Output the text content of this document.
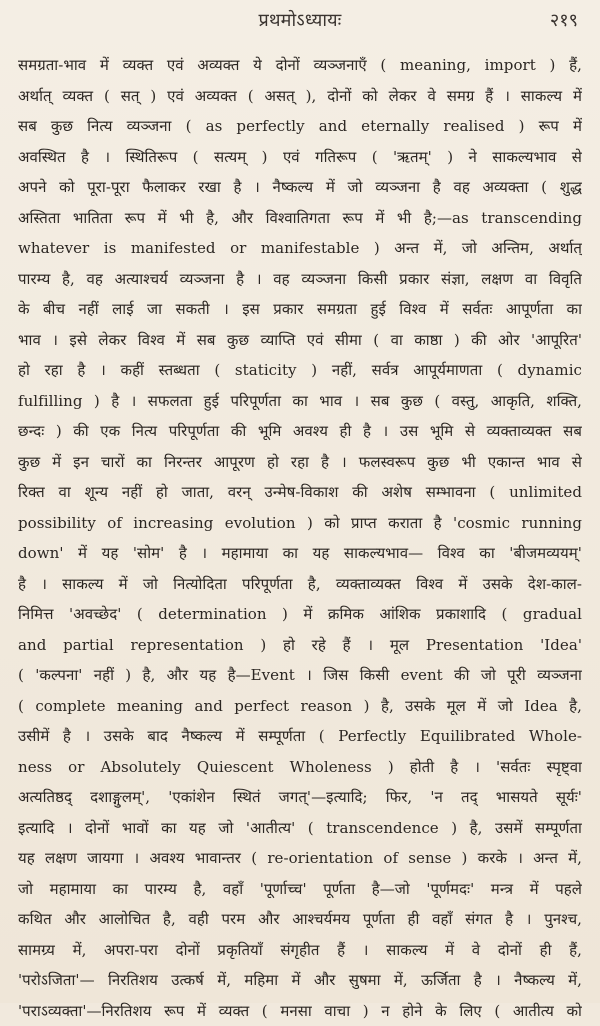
प्रथमोऽध्यायः	२१९
समग्रता-भाव में व्यक्त एवं अव्यक्त ये दोनों व्यञ्जनाएँ ( meaning, import ) हैं,
अर्थात् व्यक्त ( सत् ) एवं अव्यक्त ( असत् ), दोनों को लेकर वे समग्र हैं । साकल्य में
सब कुछ नित्य व्यञ्जना ( as perfectly and eternally realised ) रूप में
अवस्थित है । स्थितिरूप ( सत्यम् ) एवं गतिरूप ( 'ऋतम्' ) ने साकल्यभाव से
अपने को पूरा-पूरा फैलाकर रखा है । नैष्कल्य में जो व्यञ्जना है वह अव्यक्ता ( शुद्ध
अस्तिता भातिता रूप में भी है, और विश्वातिगता रूप में भी है;—as transcending
whatever is manifested or manifestable ) अन्त में, जो अन्तिम, अर्थात्
पारम्य है, वह अत्याश्चर्य व्यञ्जना है । वह व्यञ्जना किसी प्रकार संज्ञा, लक्षण वा विवृति
के बीच नहीं लाई जा सकती । इस प्रकार समग्रता हुई विश्व में सर्वतः आपूर्णता का
भाव । इसे लेकर विश्व में सब कुछ व्याप्ति एवं सीमा ( वा काष्ठा ) की ओर 'आपूरित'
हो रहा है । कहीं स्तब्धता ( staticity ) नहीं, सर्वत्र आपूर्यमाणता ( dynamic
fulfilling ) है । सफलता हुई परिपूर्णता का भाव । सब कुछ ( वस्तु, आकृति, शक्ति,
छन्दः ) की एक नित्य परिपूर्णता की भूमि अवश्य ही है । उस भूमि से व्यक्ताव्यक्त सब
कुछ में इन चारों का निरन्तर आपूरण हो रहा है । फलस्वरूप कुछ भी एकान्त भाव से
रिक्त वा शून्य नहीं हो जाता, वरन् उन्मेष-विकाश की अशेष सम्भावना ( unlimited
possibility of increasing evolution ) को प्राप्त कराता है 'cosmic running
down' में यह 'सोम' है । महामाया का यह साकल्यभाव— विश्व का 'बीजमव्ययम्'
है । साकल्य में जो नित्योदिता परिपूर्णता है, व्यक्ताव्यक्त विश्व में उसके देश-काल-
निमित्त 'अवच्छेद' ( determination ) में क्रमिक आंशिक प्रकाशादि ( gradual
and partial representation ) हो रहे हैं । मूल Presentation 'Idea'
( 'कल्पना' नहीं ) है, और यह है—Event । जिस किसी event की जो पूरी व्यञ्जना
( complete meaning and perfect reason ) है, उसके मूल में जो Idea है,
उसीमें है । उसके बाद नैष्कल्य में सम्पूर्णता ( Perfectly Equilibrated Whole-
ness or Absolutely Quiescent Wholeness ) होती है । 'सर्वतः स्पृष्ट्वा
अत्यतिष्ठद् दशाङ्गुलम्', 'एकांशेन स्थितं जगत्'—इत्यादि; फिर, 'न तद् भासयते सूर्यः'
इत्यादि । दोनों भावों का यह जो 'आतीत्य' ( transcendence ) है, उसमें सम्पूर्णता
यह लक्षण जायगा । अवश्य भावान्तर ( re-orientation of sense ) करके । अन्त में,
जो महामाया का पारम्य है, वहाँ 'पूर्णाच्च' पूर्णता है—जो 'पूर्णमदः' मन्त्र में पहले
कथित और आलोचित है, वही परम और आश्चर्यमय पूर्णता ही वहाँ संगत है । पुनश्च,
सामग्र्य में, अपरा-परा दोनों प्रकृतियाँ संगृहीत हैं । साकल्य में वे दोनों ही हैं,
'परोऽजिता'— निरतिशय उत्कर्ष में, महिमा में और सुषमा में, ऊर्जिता है । नैष्कल्य में,
'पराऽव्यक्ता'—निरतिशय रूप में व्यक्त ( मनसा वाचा ) न होने के लिए ( आतीत्य को
